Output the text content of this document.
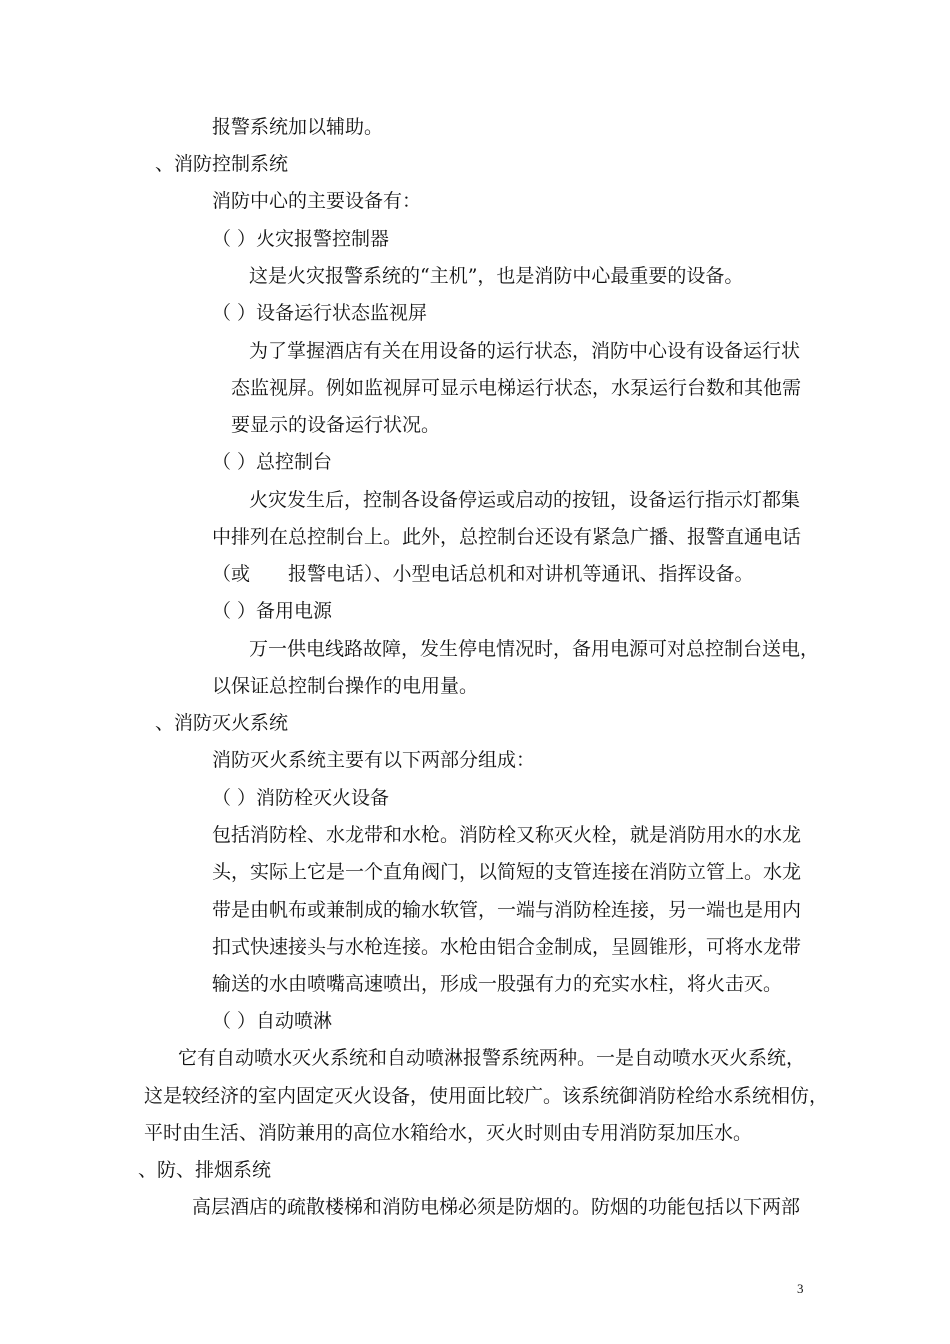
报警系统加以辅助。
、消防控制系统
消防中心的主要设备有：
（ ）火灾报警控制器
这是火灾报警系统的“主机”，也是消防中心最重要的设备。
（ ）设备运行状态监视屏
为了掌握酒店有关在用设备的运行状态，消防中心设有设备运行状
态监视屏。例如监视屏可显示电梯运行状态，水泵运行台数和其他需
要显示的设备运行状况。
（ ）总控制台
火灾发生后，控制各设备停运或启动的按钮，设备运行指示灯都集
中排列在总控制台上。此外，总控制台还设有紧急广播、报警直通电话
（或　　报警电话）、小型电话总机和对讲机等通讯、指挥设备。
（ ）备用电源
万一供电线路故障，发生停电情况时，备用电源可对总控制台送电，
以保证总控制台操作的电用量。
、消防灭火系统
消防灭火系统主要有以下两部分组成：
（ ）消防栓灭火设备
包括消防栓、水龙带和水枪。消防栓又称灭火栓，就是消防用水的水龙
头，实际上它是一个直角阀门，以简短的支管连接在消防立管上。水龙
带是由帆布或兼制成的输水软管，一端与消防栓连接，另一端也是用内
扣式快速接头与水枪连接。水枪由铝合金制成，呈圆锥形，可将水龙带
输送的水由喷嘴高速喷出，形成一股强有力的充实水柱，将火击灭。
（ ）自动喷淋
它有自动喷水灭火系统和自动喷淋报警系统两种。一是自动喷水灭火系统，
这是较经济的室内固定灭火设备，使用面比较广。该系统御消防栓给水系统相仿，
平时由生活、消防兼用的高位水箱给水，灭火时则由专用消防泵加压水。
、防、排烟系统
高层酒店的疏散楼梯和消防电梯必须是防烟的。防烟的功能包括以下两部
3
